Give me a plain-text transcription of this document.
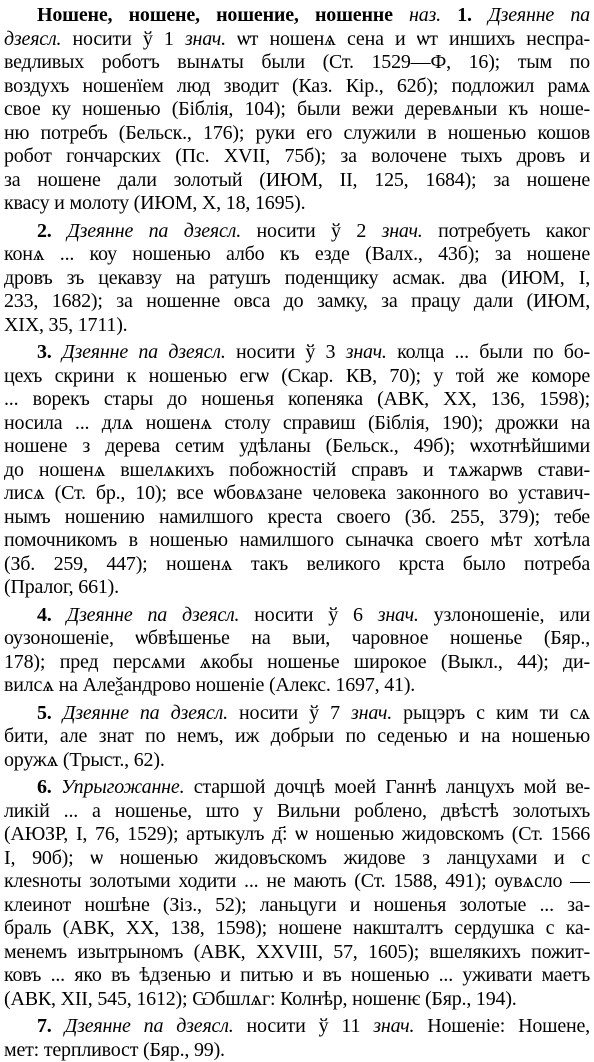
Ношене, ношене, ношение, ношенне наз. 1. Дзеянне па
дзеясл. носити ў 1 знач. ѡт ношенѧ сена и ѡт иншихъ неспра-
ведливых роботъ вынѧты были (Ст. 1529—Ф, 16); тым по
воздухъ ношенїем люд зводит (Каз. Кір., 62б); подложил рамѧ
свое ку ношенью (Біблія, 104); были вежи деревѧныи къ ноше-
ню потребъ (Бельск., 176); руки его служили в ношенью кошов
робот гончарских (Пс. XVII, 75б); за волочене тыхъ дровъ и
за ношене дали золотый (ИЮМ, II, 125, 1684); за ношене
квасу и молоту (ИЮМ, X, 18, 1695).
2. Дзеянне па дзеясл. носити ў 2 знач. потребуеть каког
конѧ ... коу ношенью албо къ езде (Валх., 43б); за ношене
дровъ зъ цекавзу на ратушъ поденщику асмак. два (ИЮМ, I,
233, 1682); за ношенне овса до замку, за працу дали (ИЮМ,
XIX, 35, 1711).
3. Дзеянне па дзеясл. носити ў 3 знач. колца ... были по бо-
цехъ скрини к ношенью егѡ (Скар. КВ, 70); у той же коморе
... ворекъ стары до ношенья копеняка (АВК, XX, 136, 1598);
носила ... длѧ ношенѧ столу справиш (Біблія, 190); дрожки на
ношене з дерева сетим удѣланы (Бельск., 49б); ѡхотнѣйшими
до ношенѧ вшелѧкихъ побожностій справъ и тѧжарѡв стави-
лисѧ (Ст. бр., 10); все ѡбовѧзане человека законного во уставич-
нымъ ношению намилшого креста своего (Зб. 255, 379); тебе
помочникомъ в ношенью намилшого сыначка своего мѣт хотѣла
(Зб. 259, 447); ношенѧ такъ великого крста было потреба
(Пралог, 661).
4. Дзеянне па дзеясл. носити ў 6 знач. узлоношеніе, или
оузоношеніе, ѡбвѣшенье на выи, чаровное ношенье (Бяр.,
178); пред персѧми ѧкобы ношенье широкое (Выкл., 44); ди-
вилсѧ на Алеѯандрово ношеніе (Алекс. 1697, 41).
5. Дзеянне па дзеясл. носити ў 7 знач. рыцэръ с ким ти сѧ
бити, але знат по немъ, иж добрыи по седенью и на ношенью
оружѧ (Трыст., 62).
6. Упрыгожанне. старшой дочцѣ моей Ганнѣ ланцухъ мой ве-
ликій ... а ношенье, што у Вильни роблено, двѣстѣ золотыхъ
(АЮЗР, I, 76, 1529); артыкулъ д҃: ѡ ношенью жидовскомъ (Ст. 1566
I, 90б); ѡ ношенью жидовъскомъ жидове з ланцухами и с
клеѕноты золотыми ходити ... не мають (Ст. 1588, 491); оувѧсло —
клеинот ношѣне (Зіз., 52); ланьцуги и ношенья золотые ... за-
браль (АВК, XX, 138, 1598); ношене накшталтъ сердушка с ка-
менемъ изытрыномъ (АВК, XXVIII, 57, 1605); вшелякихъ пожит-
ковъ ... яко въ ѣдзенью и питью и въ ношенью ... уживати маетъ
(АВК, XII, 545, 1612); Ѡбшлѧг: Колнѣр, ношенѥ (Бяр., 194).
7. Дзеянне па дзеясл. носити ў 11 знач. Ношеніе: Ношене,
мет: терпливост (Бяр., 99).
